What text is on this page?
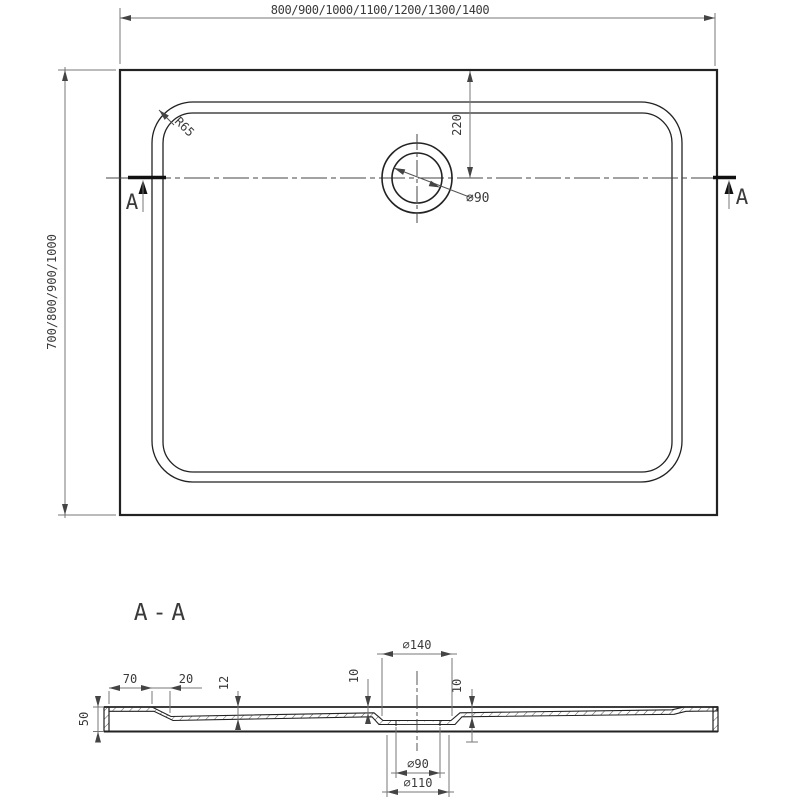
A	A
800/900/1000/1100/1200/1300/1400
700/800/900/1000
220
⌀90
R65
A-A
50
70	20 12	10
10
⌀140
⌀90
⌀110
